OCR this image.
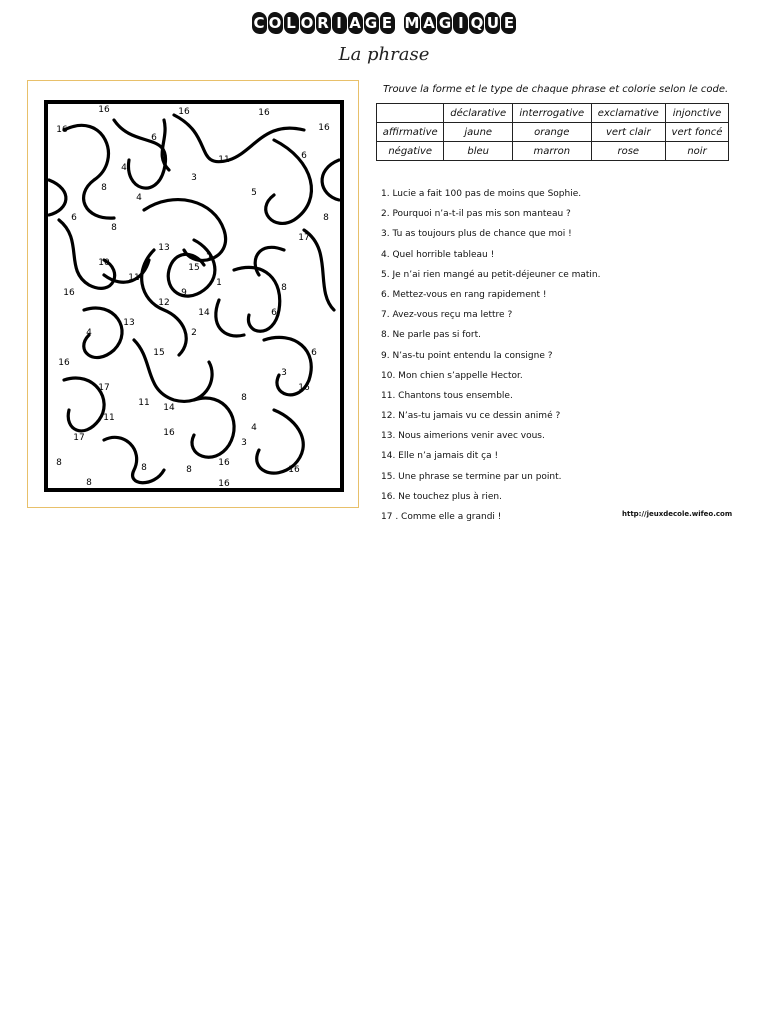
C O L O R I A G E M A G I Q U E
La phrase
16	16	16
16
6
6
11
4
3
8	5
4
17
6
8
13
10	15
11
16	8
9
1
7
12
14
2
6
13
4
16
15
17
11
16
8
16
6
3
4
16
17
8
11
14
3
8	8
8
16
16
16
8
Trouve la forme et le type de chaque phrase et colorie selon le code.
	déclarative	interrogative	exclamative	injonctive
affirmative	jaune	orange	vert clair	vert foncé
négative	bleu	marron	rose	noir
1. Lucie a fait 100 pas de moins que Sophie.
2. Pourquoi n’a-t-il pas mis son manteau ?
3. Tu as toujours plus de chance que moi !
4. Quel horrible tableau !
5. Je n’ai rien mangé au petit-déjeuner ce matin.
6. Mettez-vous en rang rapidement !
7. Avez-vous reçu ma lettre ?
8. Ne parle pas si fort.
9. N’as-tu point entendu la consigne ?
10. Mon chien s’appelle Hector.
11. Chantons tous ensemble.
12. N’as-tu jamais vu ce dessin animé ?
13. Nous aimerions venir avec vous.
14. Elle n’a jamais dit ça !
15. Une phrase se termine par un point.
16. Ne touchez plus à rien.
17 . Comme elle a grandi !	http://jeuxdecole.wifeo.com
